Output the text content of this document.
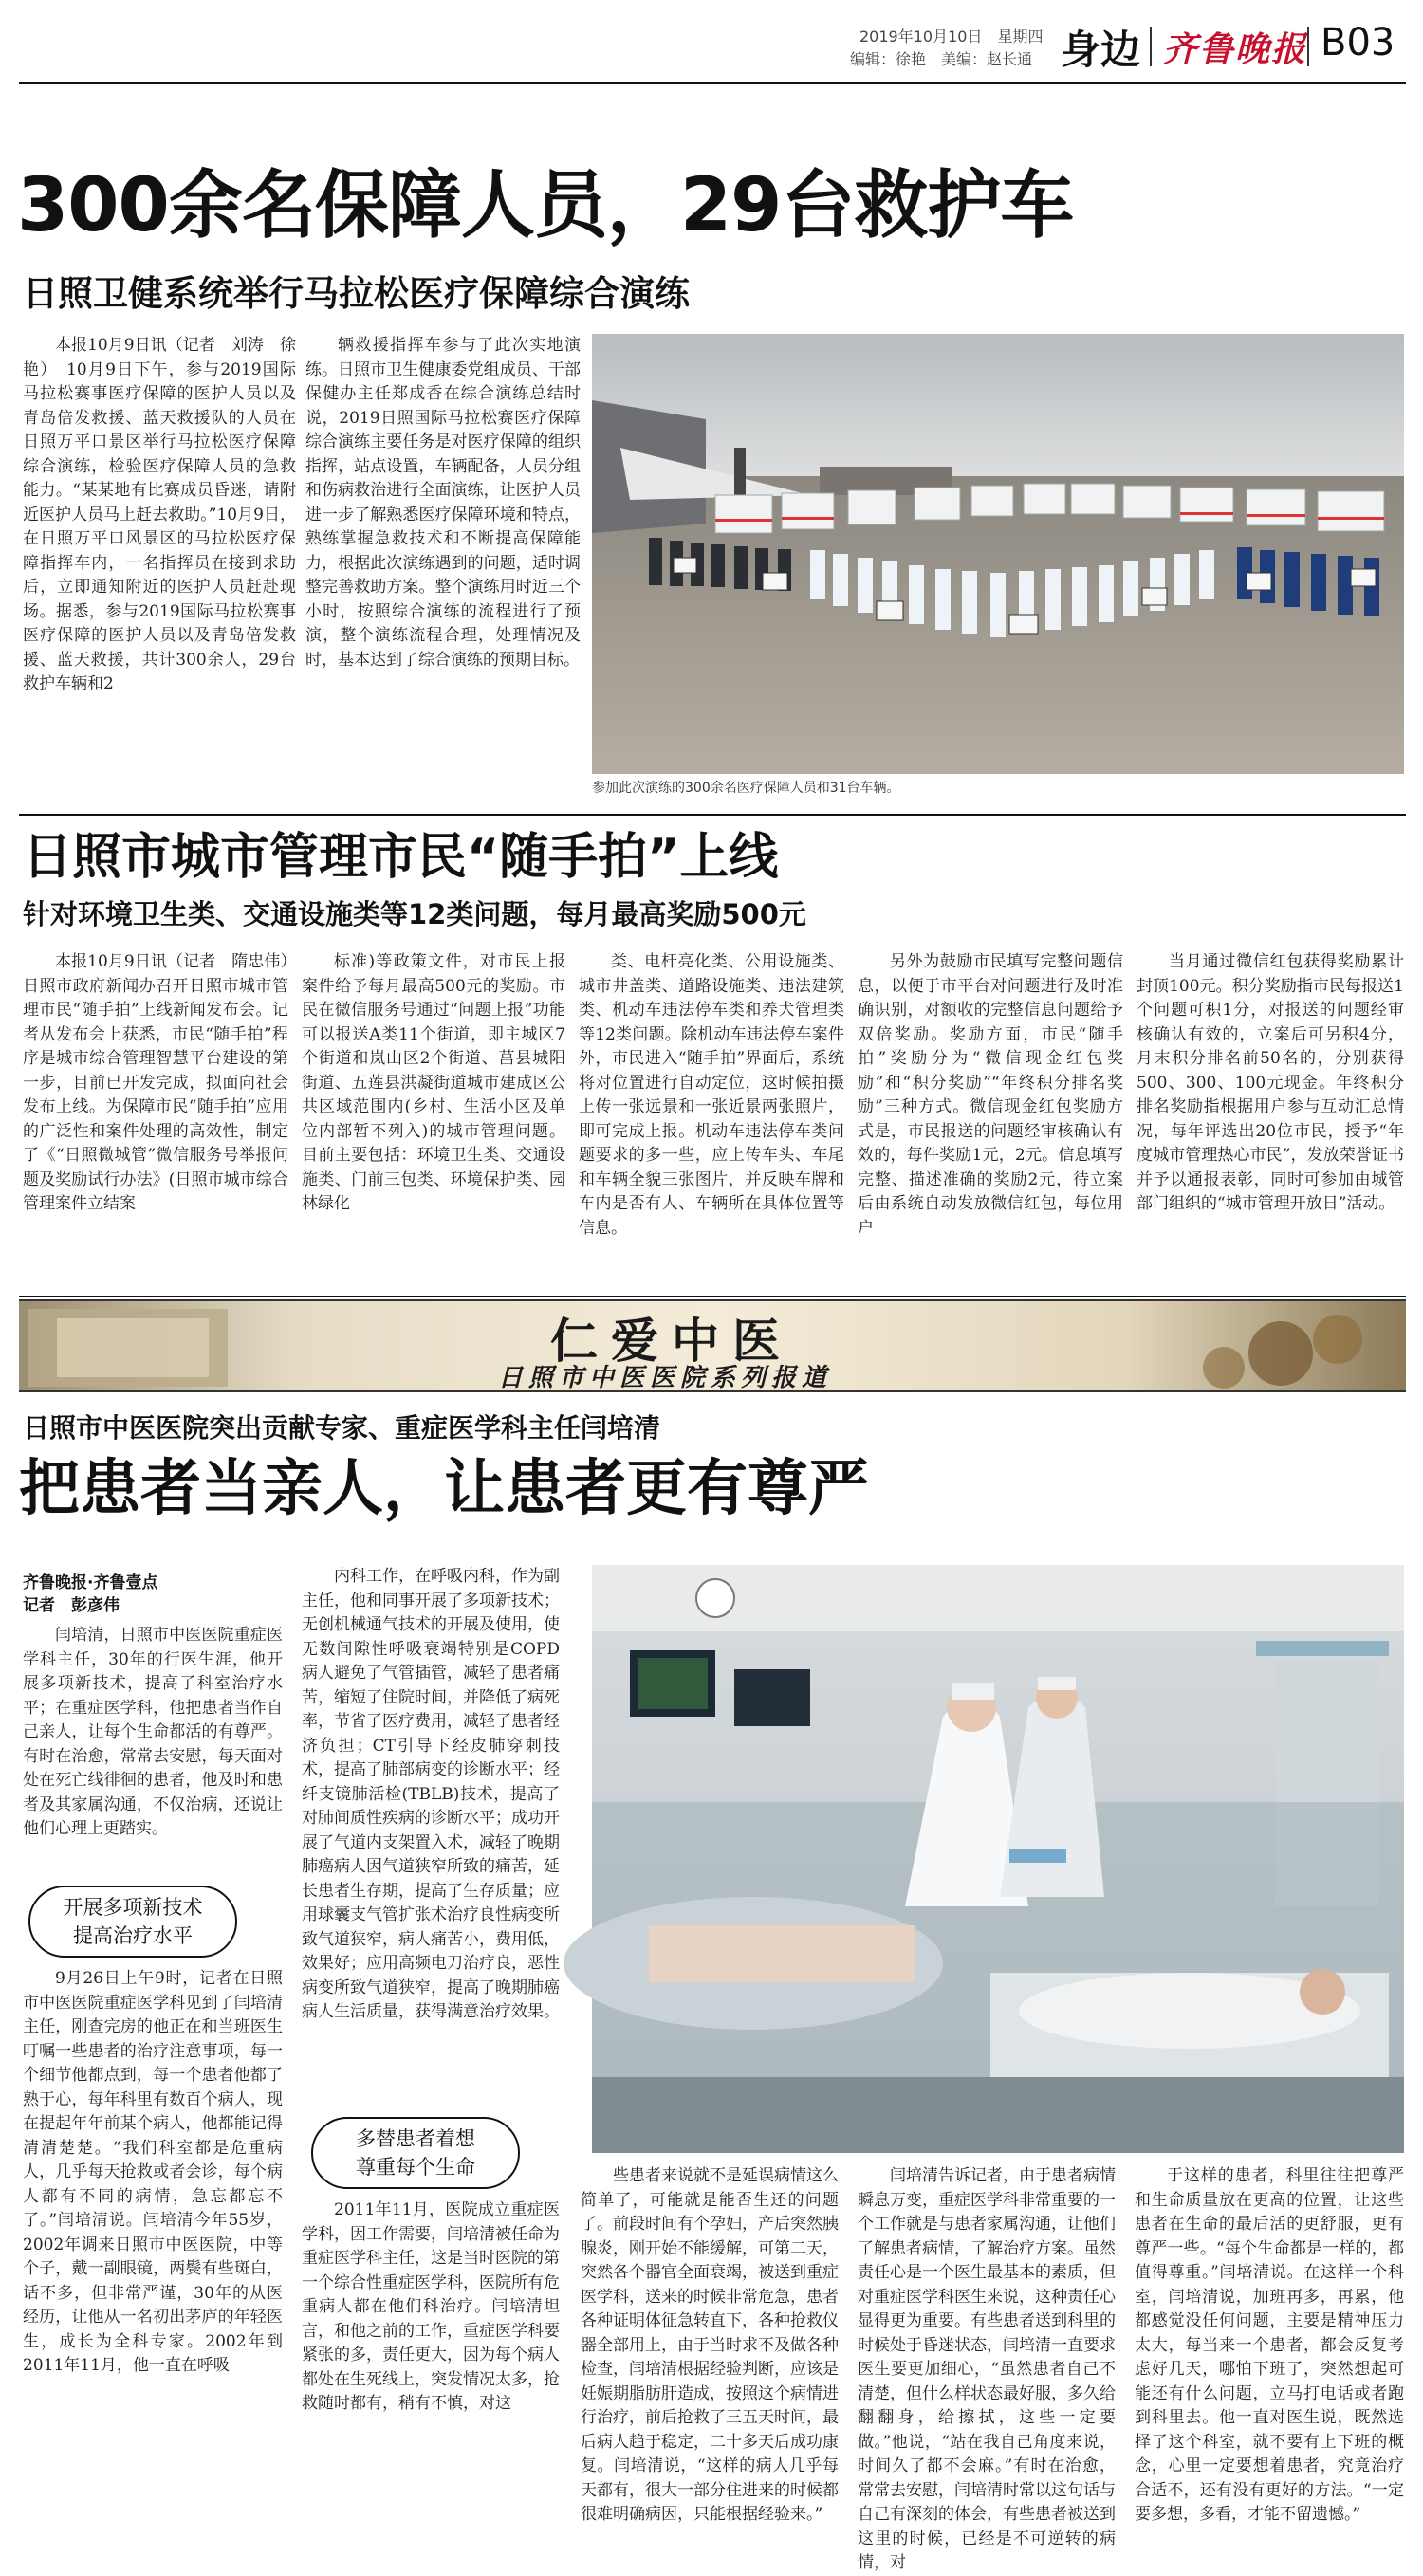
2019年10月10日　星期四
编辑：徐艳　美编：赵长通 身边 齐鲁晚报 B03
300余名保障人员，29台救护车
日照卫健系统举行马拉松医疗保障综合演练

本报10月9日讯（记者　刘涛　徐艳）　10月9日下午，参与2019国际马拉松赛事医疗保障的医护人员以及青岛倍发救援、蓝天救援队的人员在日照万平口景区举行马拉松医疗保障综合演练，检验医疗保障人员的急救能力。“某某地有比赛成员昏迷，请附近医护人员马上赶去救助。”10月9日，在日照万平口风景区的马拉松医疗保障指挥车内，一名指挥员在接到求助后，立即通知附近的医护人员赶赴现场。据悉，参与2019国际马拉松赛事医疗保障的医护人员以及青岛倍发救援、蓝天救援，共计300余人，29台救护车辆和2

辆救援指挥车参与了此次实地演练。日照市卫生健康委党组成员、干部保健办主任郑成香在综合演练总结时说，2019日照国际马拉松赛医疗保障综合演练主要任务是对医疗保障的组织指挥，站点设置，车辆配备，人员分组和伤病救治进行全面演练，让医护人员进一步了解熟悉医疗保障环境和特点，熟练掌握急救技术和不断提高保障能力，根据此次演练遇到的问题，适时调整完善救助方案。整个演练用时近三个小时，按照综合演练的流程进行了预演，整个演练流程合理，处理情况及时，基本达到了综合演练的预期目标。

参加此次演练的300余名医疗保障人员和31台车辆。
日照市城市管理市民“随手拍”上线
针对环境卫生类、交通设施类等12类问题，每月最高奖励500元

本报10月9日讯（记者　隋忠伟）　日照市政府新闻办召开日照市城市管理市民“随手拍”上线新闻发布会。记者从发布会上获悉，市民“随手拍”程序是城市综合管理智慧平台建设的第一步，目前已开发完成，拟面向社会发布上线。为保障市民“随手拍”应用的广泛性和案件处理的高效性，制定了《“日照微城管”微信服务号举报问题及奖励试行办法》(日照市城市综合管理案件立结案

标准)等政策文件，对市民上报案件给予每月最高500元的奖励。市民在微信服务号通过“问题上报”功能可以报送A类11个街道，即主城区7个街道和岚山区2个街道、莒县城阳街道、五莲县洪凝街道城市建成区公共区域范围内(乡村、生活小区及单位内部暂不列入)的城市管理问题。目前主要包括：环境卫生类、交通设施类、门前三包类、环境保护类、园林绿化

类、电杆亮化类、公用设施类、城市井盖类、道路设施类、违法建筑类、机动车违法停车类和养犬管理类等12类问题。除机动车违法停车案件外，市民进入“随手拍”界面后，系统将对位置进行自动定位，这时候拍摄上传一张远景和一张近景两张照片，即可完成上报。机动车违法停车类问题要求的多一些，应上传车头、车尾和车辆全貌三张图片，并反映车牌和车内是否有人、车辆所在具体位置等信息。

另外为鼓励市民填写完整问题信息，以便于市平台对问题进行及时准确识别，对额收的完整信息问题给予双倍奖励。奖励方面，市民“随手拍”奖励分为“微信现金红包奖励”和“积分奖励”“年终积分排名奖励”三种方式。微信现金红包奖励方式是，市民报送的问题经审核确认有效的，每件奖励1元，2元。信息填写完整、描述准确的奖励2元，待立案后由系统自动发放微信红包，每位用户

当月通过微信红包获得奖励累计封顶100元。积分奖励指市民每报送1个问题可积1分，对报送的问题经审核确认有效的，立案后可另积4分，月末积分排名前50名的，分别获得500、300、100元现金。年终积分排名奖励指根据用户参与互动汇总情况，每年评选出20位市民，授予“年度城市管理热心市民”，发放荣誉证书并予以通报表彰，同时可参加由城管部门组织的“城市管理开放日”活动。

仁爱中医
日照市中医医院系列报道
日照市中医医院突出贡献专家、重症医学科主任闫培清
把患者当亲人，让患者更有尊严
齐鲁晚报·齐鲁壹点
记者　彭彦伟

闫培清，日照市中医医院重症医学科主任，30年的行医生涯，他开展多项新技术，提高了科室治疗水平；在重症医学科，他把患者当作自己亲人，让每个生命都活的有尊严。有时在治愈，常常去安慰，每天面对处在死亡线徘徊的患者，他及时和患者及其家属沟通，不仅治病，还说让他们心理上更踏实。

开展多项新技术
提高治疗水平

9月26日上午9时，记者在日照市中医医院重症医学科见到了闫培清主任，刚查完房的他正在和当班医生叮嘱一些患者的治疗注意事项，每一个细节他都点到，每一个患者他都了熟于心，每年科里有数百个病人，现在提起年年前某个病人，他都能记得清清楚楚。“我们科室都是危重病人，几乎每天抢救或者会诊，每个病人都有不同的病情，急忘都忘不了。”闫培清说。闫培清今年55岁，2002年调来日照市中医医院，中等个子，戴一副眼镜，两鬓有些斑白，话不多，但非常严谨，30年的从医经历，让他从一名初出茅庐的年轻医生，成长为全科专家。2002年到2011年11月，他一直在呼吸

内科工作，在呼吸内科，作为副主任，他和同事开展了多项新技术；无创机械通气技术的开展及使用，使无数间隙性呼吸衰竭特别是COPD病人避免了气管插管，减轻了患者痛苦，缩短了住院时间，并降低了病死率，节省了医疗费用，减轻了患者经济负担；CT引导下经皮肺穿刺技术，提高了肺部病变的诊断水平；经纤支镜肺活检(TBLB)技术，提高了对肺间质性疾病的诊断水平；成功开展了气道内支架置入术，减轻了晚期肺癌病人因气道狭窄所致的痛苦，延长患者生存期，提高了生存质量；应用球囊支气管扩张术治疗良性病变所致气道狭窄，病人痛苦小，费用低，效果好；应用高频电刀治疗良，恶性病变所致气道狭窄，提高了晚期肺癌病人生活质量，获得满意治疗效果。

多替患者着想
尊重每个生命

2011年11月，医院成立重症医学科，因工作需要，闫培清被任命为重症医学科主任，这是当时医院的第一个综合性重症医学科，医院所有危重病人都在他们科治疗。闫培清坦言，和他之前的工作，重症医学科要紧张的多，责任更大，因为每个病人都处在生死线上，突发情况太多，抢救随时都有，稍有不慎，对这

些患者来说就不是延误病情这么简单了，可能就是能否生还的问题了。前段时间有个孕妇，产后突然胰腺炎，刚开始不能缓解，可第二天，突然各个器官全面衰竭，被送到重症医学科，送来的时候非常危急，患者各种证明体征急转直下，各种抢救仪器全部用上，由于当时求不及做各种检查，闫培清根据经验判断，应该是妊娠期脂肪肝造成，按照这个病情进行治疗，前后抢救了三五天时间，最后病人趋于稳定，二十多天后成功康复。闫培清说，“这样的病人几乎每天都有，很大一部分住进来的时候都很难明确病因，只能根据经验来。”

闫培清告诉记者，由于患者病情瞬息万变，重症医学科非常重要的一个工作就是与患者家属沟通，让他们了解患者病情，了解治疗方案。虽然责任心是一个医生最基本的素质，但对重症医学科医生来说，这种责任心显得更为重要。有些患者送到科里的时候处于昏迷状态，闫培清一直要求医生要更加细心，“虽然患者自己不清楚，但什么样状态最好服，多久给翻翻身，给擦拭，这些一定要做。”他说，“站在我自己角度来说，时间久了都不会麻。”有时在治愈，常常去安慰，闫培清时常以这句话与自己有深刻的体会，有些患者被送到这里的时候，已经是不可逆转的病情，对

于这样的患者，科里往往把尊严和生命质量放在更高的位置，让这些患者在生命的最后活的更舒服，更有尊严一些。“每个生命都是一样的，都值得尊重。”闫培清说。在这样一个科室，闫培清说，加班再多，再累，他都感觉没任何问题，主要是精神压力太大，每当来一个患者，都会反复考虑好几天，哪怕下班了，突然想起可能还有什么问题，立马打电话或者跑到科里去。他一直对医生说，既然选择了这个科室，就不要有上下班的概念，心里一定要想着患者，究竟治疗合适不，还有没有更好的方法。“一定要多想，多看，才能不留遗憾。”
